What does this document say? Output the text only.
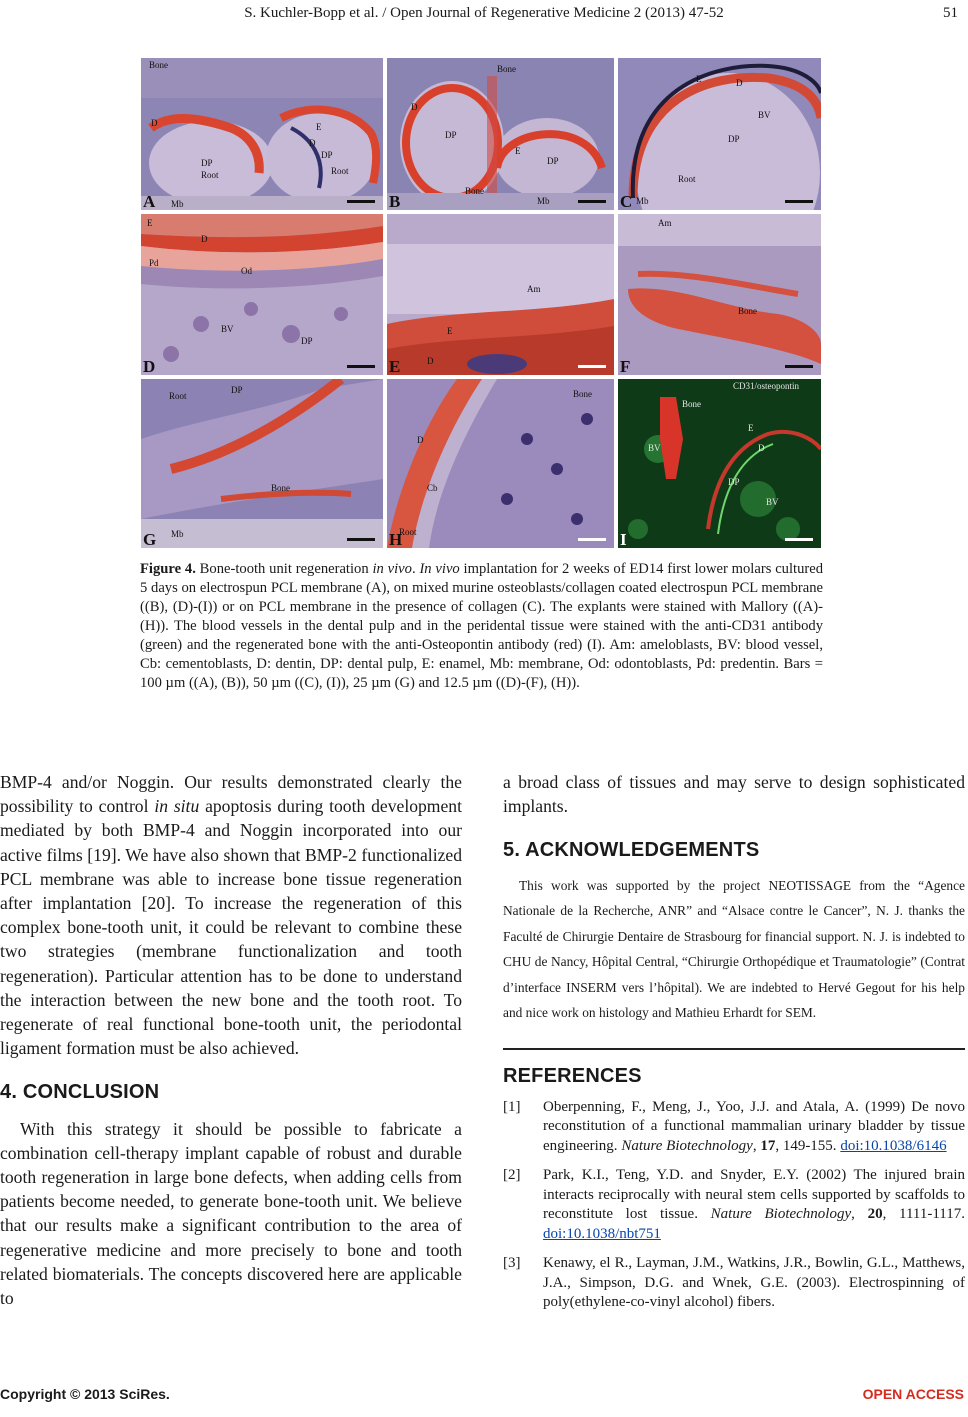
S. Kuchler-Bopp et al. / Open Journal of Regenerative Medicine 2 (2013) 47-52	51
Bone
D
DP
Root
Mb
E
D
DP
Root
A
Bone
D
DP
E
DP
Bone
Mb
B
E	D
BV
DP
Root
Mb
C
E
D
Pd
Od
BV
DP
D
Am
E
D
E
Am
Bone
F
Root
DP
Bone
Mb
G
D
Cb
Bone
Root
H
CD31/osteopontin
Bone
E
D
BV
DP
BV
I
Figure 4. Bone-tooth unit regeneration in vivo. In vivo implantation for 2 weeks of ED14 first lower molars cultured 5 days on electrospun PCL membrane (A), on mixed murine osteoblasts/collagen coated electrospun PCL membrane ((B), (D)-(I)) or on PCL membrane in the presence of collagen (C). The explants were stained with Mallory ((A)-(H)). The blood vessels in the dental pulp and in the peridental tissue were stained with the anti-CD31 antibody (green) and the regenerated bone with the anti-Osteopontin antibody (red) (I). Am: ameloblasts, BV: blood vessel, Cb: cementoblasts, D: dentin, DP: dental pulp, E: enamel, Mb: membrane, Od: odontoblasts, Pd: predentin. Bars = 100 µm ((A), (B)), 50 µm ((C), (I)), 25 µm (G) and 12.5 µm ((D)-(F), (H)).

BMP-4 and/or Noggin. Our results demonstrated clearly the possibility to control in situ apoptosis during tooth development mediated by both BMP-4 and Noggin incorporated into our active films [19]. We have also shown that BMP-2 functionalized PCL membrane was able to increase bone tissue regeneration after implantation [20]. To increase the regeneration of this complex bone-tooth unit, it could be relevant to combine these two strategies (membrane functionalization and tooth regeneration). Particular attention has to be done to understand the interaction between the new bone and the tooth root. To regenerate of real functional bone-tooth unit, the periodontal ligament formation must be also achieved.

4. CONCLUSION

With this strategy it should be possible to fabricate a combination cell-therapy implant capable of robust and durable tooth regeneration in large bone defects, when adding cells from patients become needed, to generate bone-tooth unit. We believe that our results make a significant contribution to the area of regenerative medicine and more precisely to bone and tooth related biomaterials. The concepts discovered here are applicable to

a broad class of tissues and may serve to design sophisticated implants.

5. ACKNOWLEDGEMENTS

This work was supported by the project NEOTISSAGE from the “Agence Nationale de la Recherche, ANR” and “Alsace contre le Cancer”, N. J. thanks the Faculté de Chirurgie Dentaire de Strasbourg for financial support. N. J. is indebted to CHU de Nancy, Hôpital Central, “Chirurgie Orthopédique et Traumatologie” (Contrat d’interface INSERM vers l’hôpital). We are indebted to Hervé Gegout for his help and nice work on histology and Mathieu Erhardt for SEM.

REFERENCES
[1] Oberpenning, F., Meng, J., Yoo, J.J. and Atala, A. (1999) De novo reconstitution of a functional mammalian urinary bladder by tissue engineering. Nature Biotechnology, 17, 149-155. doi:10.1038/6146
[2] Park, K.I., Teng, Y.D. and Snyder, E.Y. (2002) The injured brain interacts reciprocally with neural stem cells supported by scaffolds to reconstitute lost tissue. Nature Biotechnology, 20, 1111-1117. doi:10.1038/nbt751
[3] Kenawy, el R., Layman, J.M., Watkins, J.R., Bowlin, G.L., Matthews, J.A., Simpson, D.G. and Wnek, G.E. (2003). Electrospinning of poly(ethylene-co-vinyl alcohol) fibers.
Copyright © 2013 SciRes.	OPEN ACCESS
